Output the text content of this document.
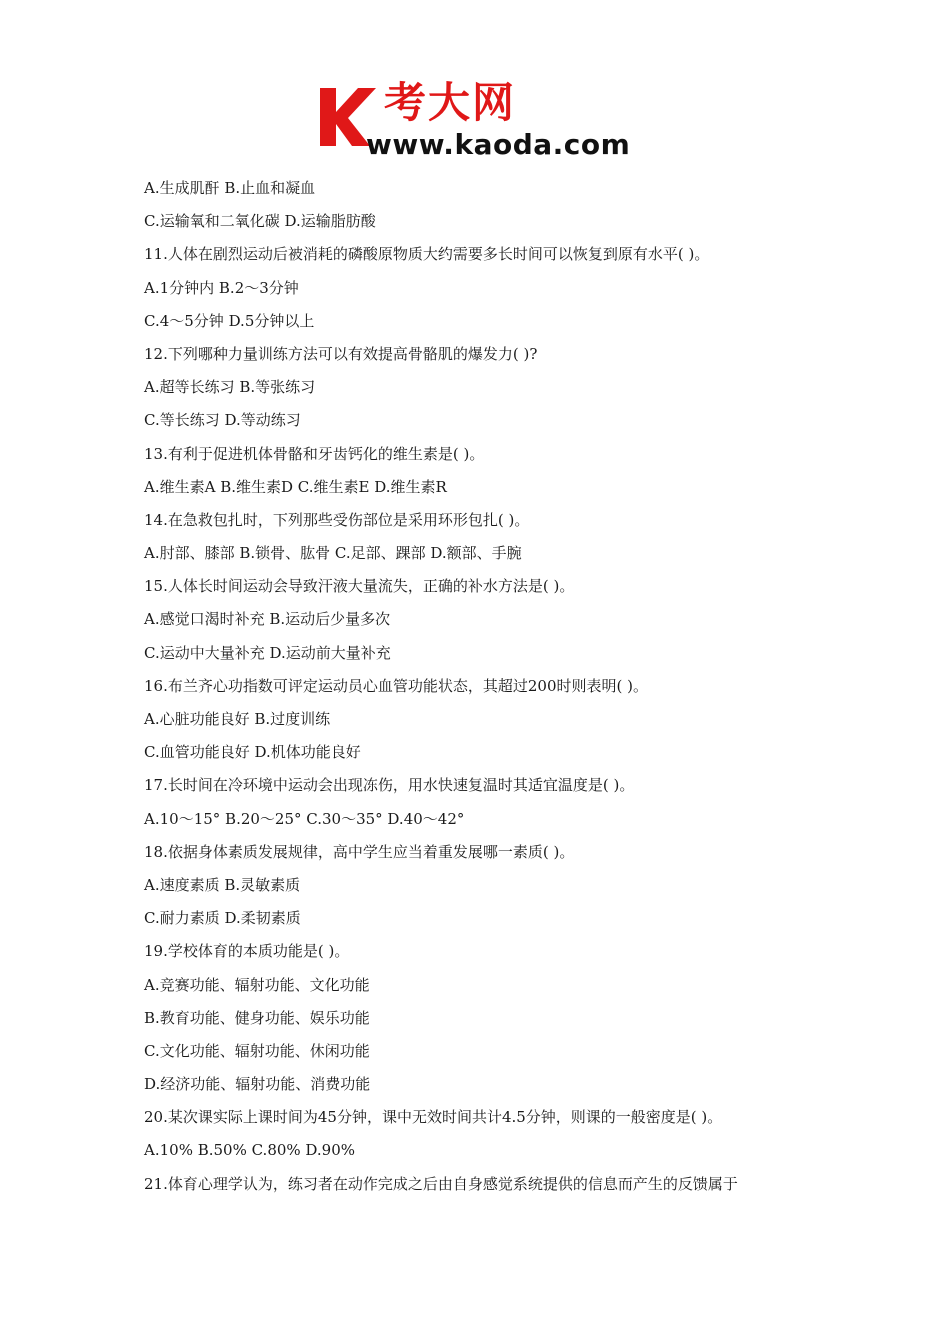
考大网
www.kaoda.com
A.生成肌酐 B.止血和凝血
C.运输氧和二氧化碳 D.运输脂肪酸
11.人体在剧烈运动后被消耗的磷酸原物质大约需要多长时间可以恢复到原有水平( )。
A.1分钟内 B.2～3分钟
C.4～5分钟 D.5分钟以上
12.下列哪种力量训练方法可以有效提高骨骼肌的爆发力( )?
A.超等长练习 B.等张练习
C.等长练习 D.等动练习
13.有利于促进机体骨骼和牙齿钙化的维生素是( )。
A.维生素A B.维生素D C.维生素E D.维生素R
14.在急救包扎时，下列那些受伤部位是采用环形包扎( )。
A.肘部、膝部 B.锁骨、肱骨 C.足部、踝部 D.额部、手腕
15.人体长时间运动会导致汗液大量流失，正确的补水方法是( )。
A.感觉口渴时补充 B.运动后少量多次
C.运动中大量补充 D.运动前大量补充
16.布兰齐心功指数可评定运动员心血管功能状态，其超过200时则表明( )。
A.心脏功能良好 B.过度训练
C.血管功能良好 D.机体功能良好
17.长时间在冷环境中运动会出现冻伤，用水快速复温时其适宜温度是( )。
A.10～15° B.20～25° C.30～35° D.40～42°
18.依据身体素质发展规律，高中学生应当着重发展哪一素质( )。
A.速度素质 B.灵敏素质
C.耐力素质 D.柔韧素质
19.学校体育的本质功能是( )。
A.竞赛功能、辐射功能、文化功能
B.教育功能、健身功能、娱乐功能
C.文化功能、辐射功能、休闲功能
D.经济功能、辐射功能、消费功能
20.某次课实际上课时间为45分钟，课中无效时间共计4.5分钟，则课的一般密度是( )。
A.10% B.50% C.80% D.90%
21.体育心理学认为，练习者在动作完成之后由自身感觉系统提供的信息而产生的反馈属于
